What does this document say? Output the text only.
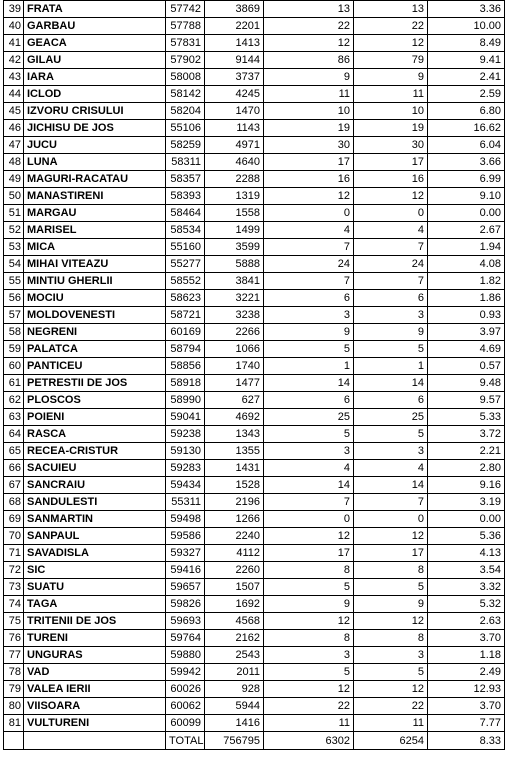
39	FRATA	57742	3869	13	13	3.36
40	GARBAU	57788	2201	22	22	10.00
41	GEACA	57831	1413	12	12	8.49
42	GILAU	57902	9144	86	79	9.41
43	IARA	58008	3737	9	9	2.41
44	ICLOD	58142	4245	11	11	2.59
45	IZVORU CRISULUI	58204	1470	10	10	6.80
46	JICHISU DE JOS	55106	1143	19	19	16.62
47	JUCU	58259	4971	30	30	6.04
48	LUNA	58311	4640	17	17	3.66
49	MAGURI-RACATAU	58357	2288	16	16	6.99
50	MANASTIRENI	58393	1319	12	12	9.10
51	MARGAU	58464	1558	0	0	0.00
52	MARISEL	58534	1499	4	4	2.67
53	MICA	55160	3599	7	7	1.94
54	MIHAI VITEAZU	55277	5888	24	24	4.08
55	MINTIU GHERLII	58552	3841	7	7	1.82
56	MOCIU	58623	3221	6	6	1.86
57	MOLDOVENESTI	58721	3238	3	3	0.93
58	NEGRENI	60169	2266	9	9	3.97
59	PALATCA	58794	1066	5	5	4.69
60	PANTICEU	58856	1740	1	1	0.57
61	PETRESTII DE JOS	58918	1477	14	14	9.48
62	PLOSCOS	58990	627	6	6	9.57
63	POIENI	59041	4692	25	25	5.33
64	RASCA	59238	1343	5	5	3.72
65	RECEA-CRISTUR	59130	1355	3	3	2.21
66	SACUIEU	59283	1431	4	4	2.80
67	SANCRAIU	59434	1528	14	14	9.16
68	SANDULESTI	55311	2196	7	7	3.19
69	SANMARTIN	59498	1266	0	0	0.00
70	SANPAUL	59586	2240	12	12	5.36
71	SAVADISLA	59327	4112	17	17	4.13
72	SIC	59416	2260	8	8	3.54
73	SUATU	59657	1507	5	5	3.32
74	TAGA	59826	1692	9	9	5.32
75	TRITENII DE JOS	59693	4568	12	12	2.63
76	TURENI	59764	2162	8	8	3.70
77	UNGURAS	59880	2543	3	3	1.18
78	VAD	59942	2011	5	5	2.49
79	VALEA IERII	60026	928	12	12	12.93
80	VIISOARA	60062	5944	22	22	3.70
81	VULTURENI	60099	1416	11	11	7.77
		TOTAL	756795	6302	6254	8.33
